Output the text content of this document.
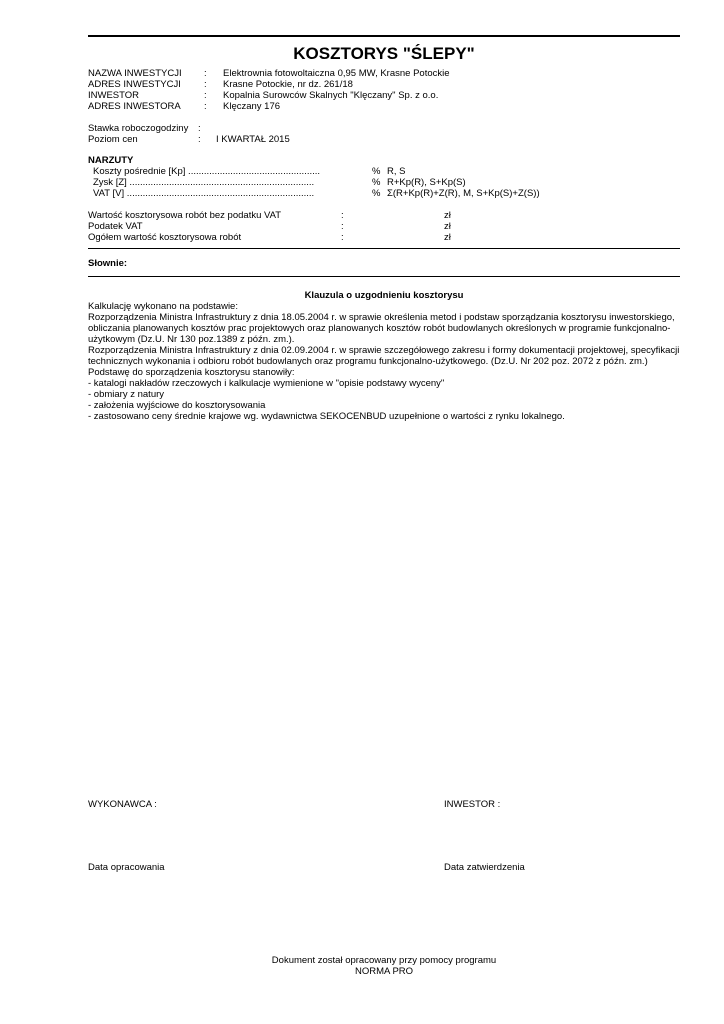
KOSZTORYS "ŚLEPY"
NAZWA INWESTYCJI : Elektrownia fotowoltaiczna 0,95 MW, Krasne Potockie
ADRES INWESTYCJI : Krasne Potockie, nr dz. 261/18
INWESTOR	: Kopalnia Surowców Skalnych "Klęczany" Sp. z o.o.
ADRES INWESTORA : Klęczany 176
Stawka roboczogodziny :
Poziom cen	: I KWARTAŁ 2015
NARZUTY
Koszty pośrednie [Kp] ..................................................	% R, S
Zysk [Z] ......................................................................	% R+Kp(R), S+Kp(S)
VAT [V] .......................................................................	% Σ(R+Kp(R)+Z(R), M, S+Kp(S)+Z(S))
Wartość kosztorysowa robót bez podatku VAT	:	zł
Podatek VAT	:	zł
Ogółem wartość kosztorysowa robót	:	zł
Słownie:
Klauzula o uzgodnieniu kosztorysu
Kalkulację wykonano na podstawie:
Rozporządzenia Ministra Infrastruktury z dnia 18.05.2004 r. w sprawie określenia metod i podstaw sporządzania kosztorysu inwestorskiego, obliczania planowanych kosztów prac projektowych oraz planowanych kosztów robót budowlanych określonych w programie funkcjonalno-użytkowym (Dz.U. Nr 130 poz.1389 z późn. zm.).
Rozporządzenia Ministra Infrastruktury z dnia 02.09.2004 r. w sprawie szczegółowego zakresu i formy dokumentacji projektowej, specyfikacji technicznych wykonania i odbioru robót budowlanych oraz programu funkcjonalno-użytkowego. (Dz.U. Nr 202 poz. 2072 z późn. zm.)
Podstawę do sporządzenia kosztorysu stanowiły:
- katalogi nakładów rzeczowych i kalkulacje wymienione w "opisie podstawy wyceny"
- obmiary z natury
- założenia wyjściowe do kosztorysowania
- zastosowano ceny średnie krajowe wg. wydawnictwa SEKOCENBUD uzupełnione o wartości z rynku lokalnego.
WYKONAWCA :	INWESTOR :
Data opracowania	Data zatwierdzenia
Dokument został opracowany przy pomocy programu
NORMA PRO
